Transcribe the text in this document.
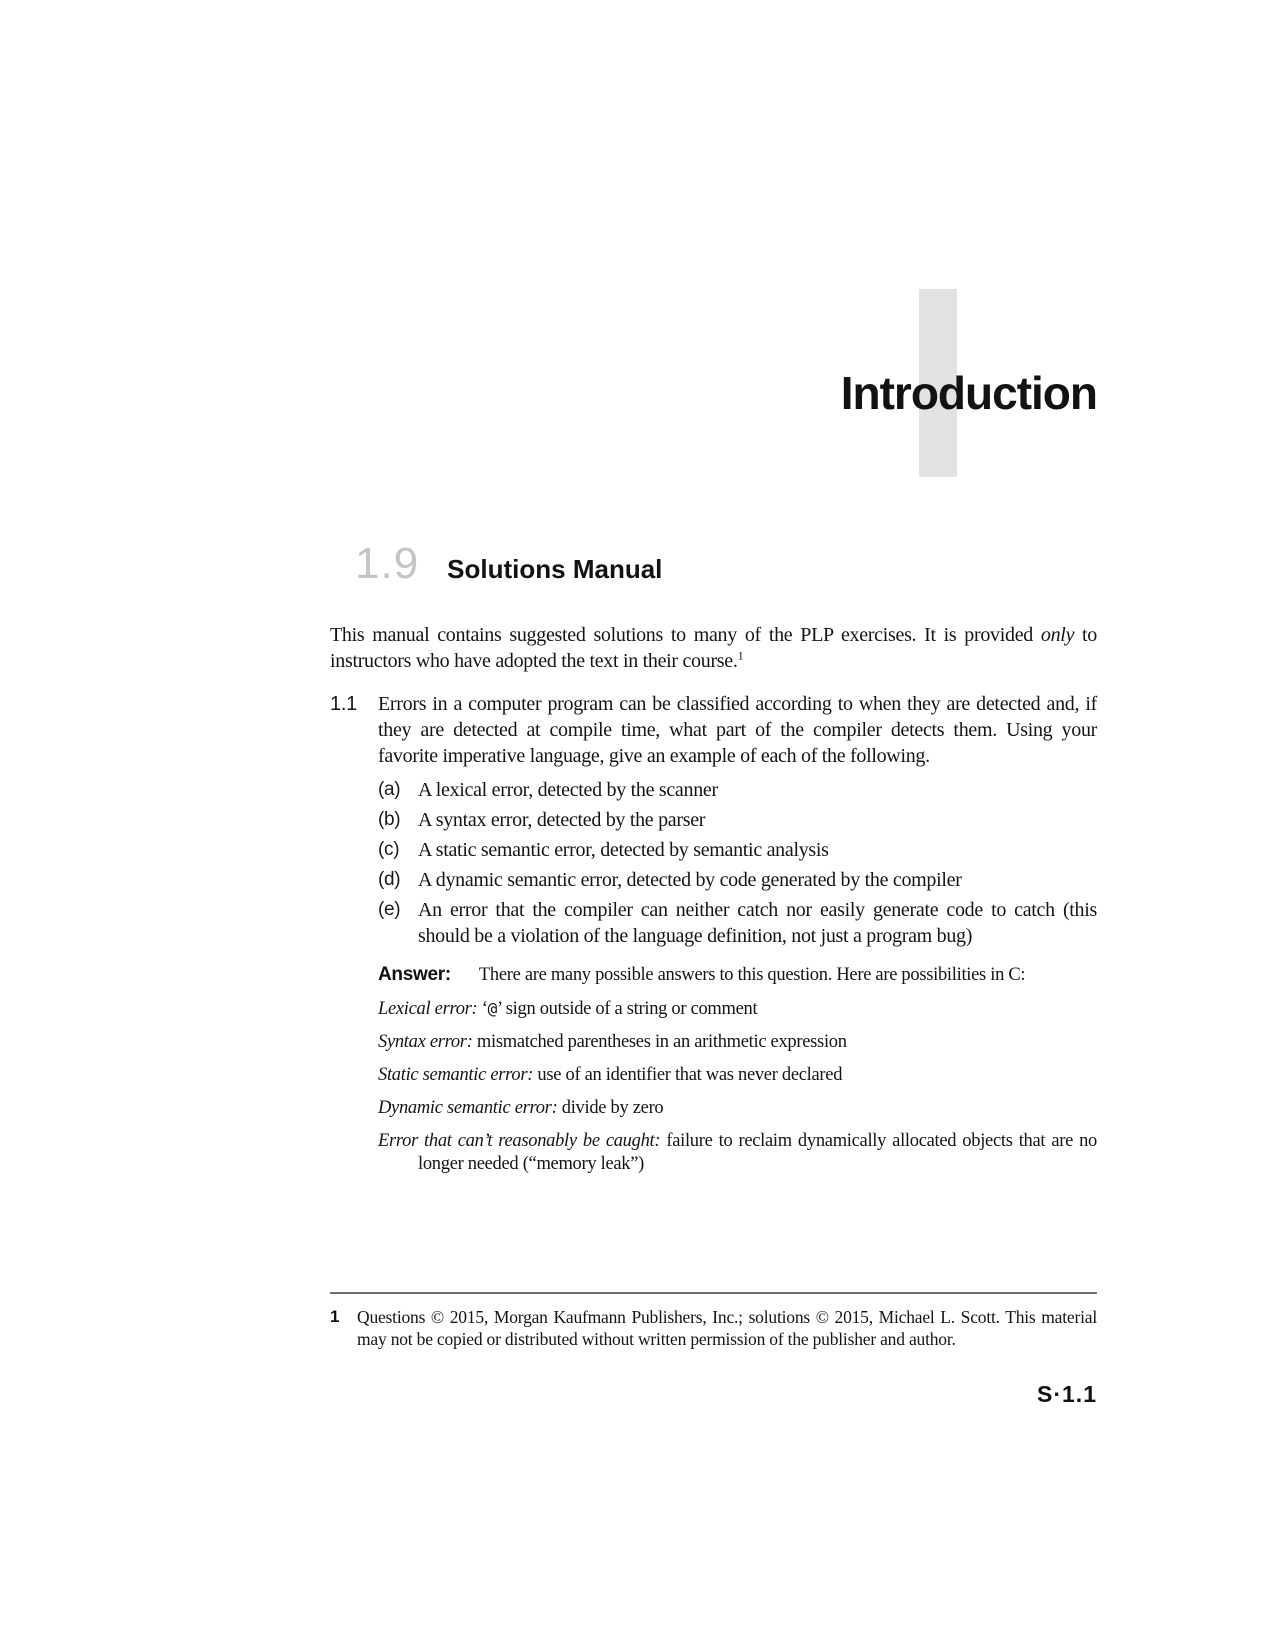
Introduction
1.9 Solutions Manual

This manual contains suggested solutions to many of the PLP exercises. It is provided only to instructors who have adopted the text in their course.$^1$

1.1	Errors in a computer program can be classified according to when they are detected and, if they are detected at compile time, what part of the compiler detects them. Using your favorite imperative language, give an example of each of the following.

(a) A lexical error, detected by the scanner
(b) A syntax error, detected by the parser
(c) A static semantic error, detected by semantic analysis
(d) A dynamic semantic error, detected by code generated by the compiler
(e) An error that the compiler can neither catch nor easily generate code to catch (this should be a violation of the language definition, not just a program bug)
Answer: There are many possible answers to this question. Here are possibilities in C:
Lexical error: ‘@’ sign outside of a string or comment
Syntax error: mismatched parentheses in an arithmetic expression
Static semantic error: use of an identifier that was never declared
Dynamic semantic error: divide by zero
Error that can’t reasonably be caught: failure to reclaim dynamically allocated objects that are no longer needed (“memory leak”)
1	Questions © 2015, Morgan Kaufmann Publishers, Inc.; solutions © 2015, Michael L. Scott. This material may not be copied or distributed without written permission of the publisher and author.
S·1.1
